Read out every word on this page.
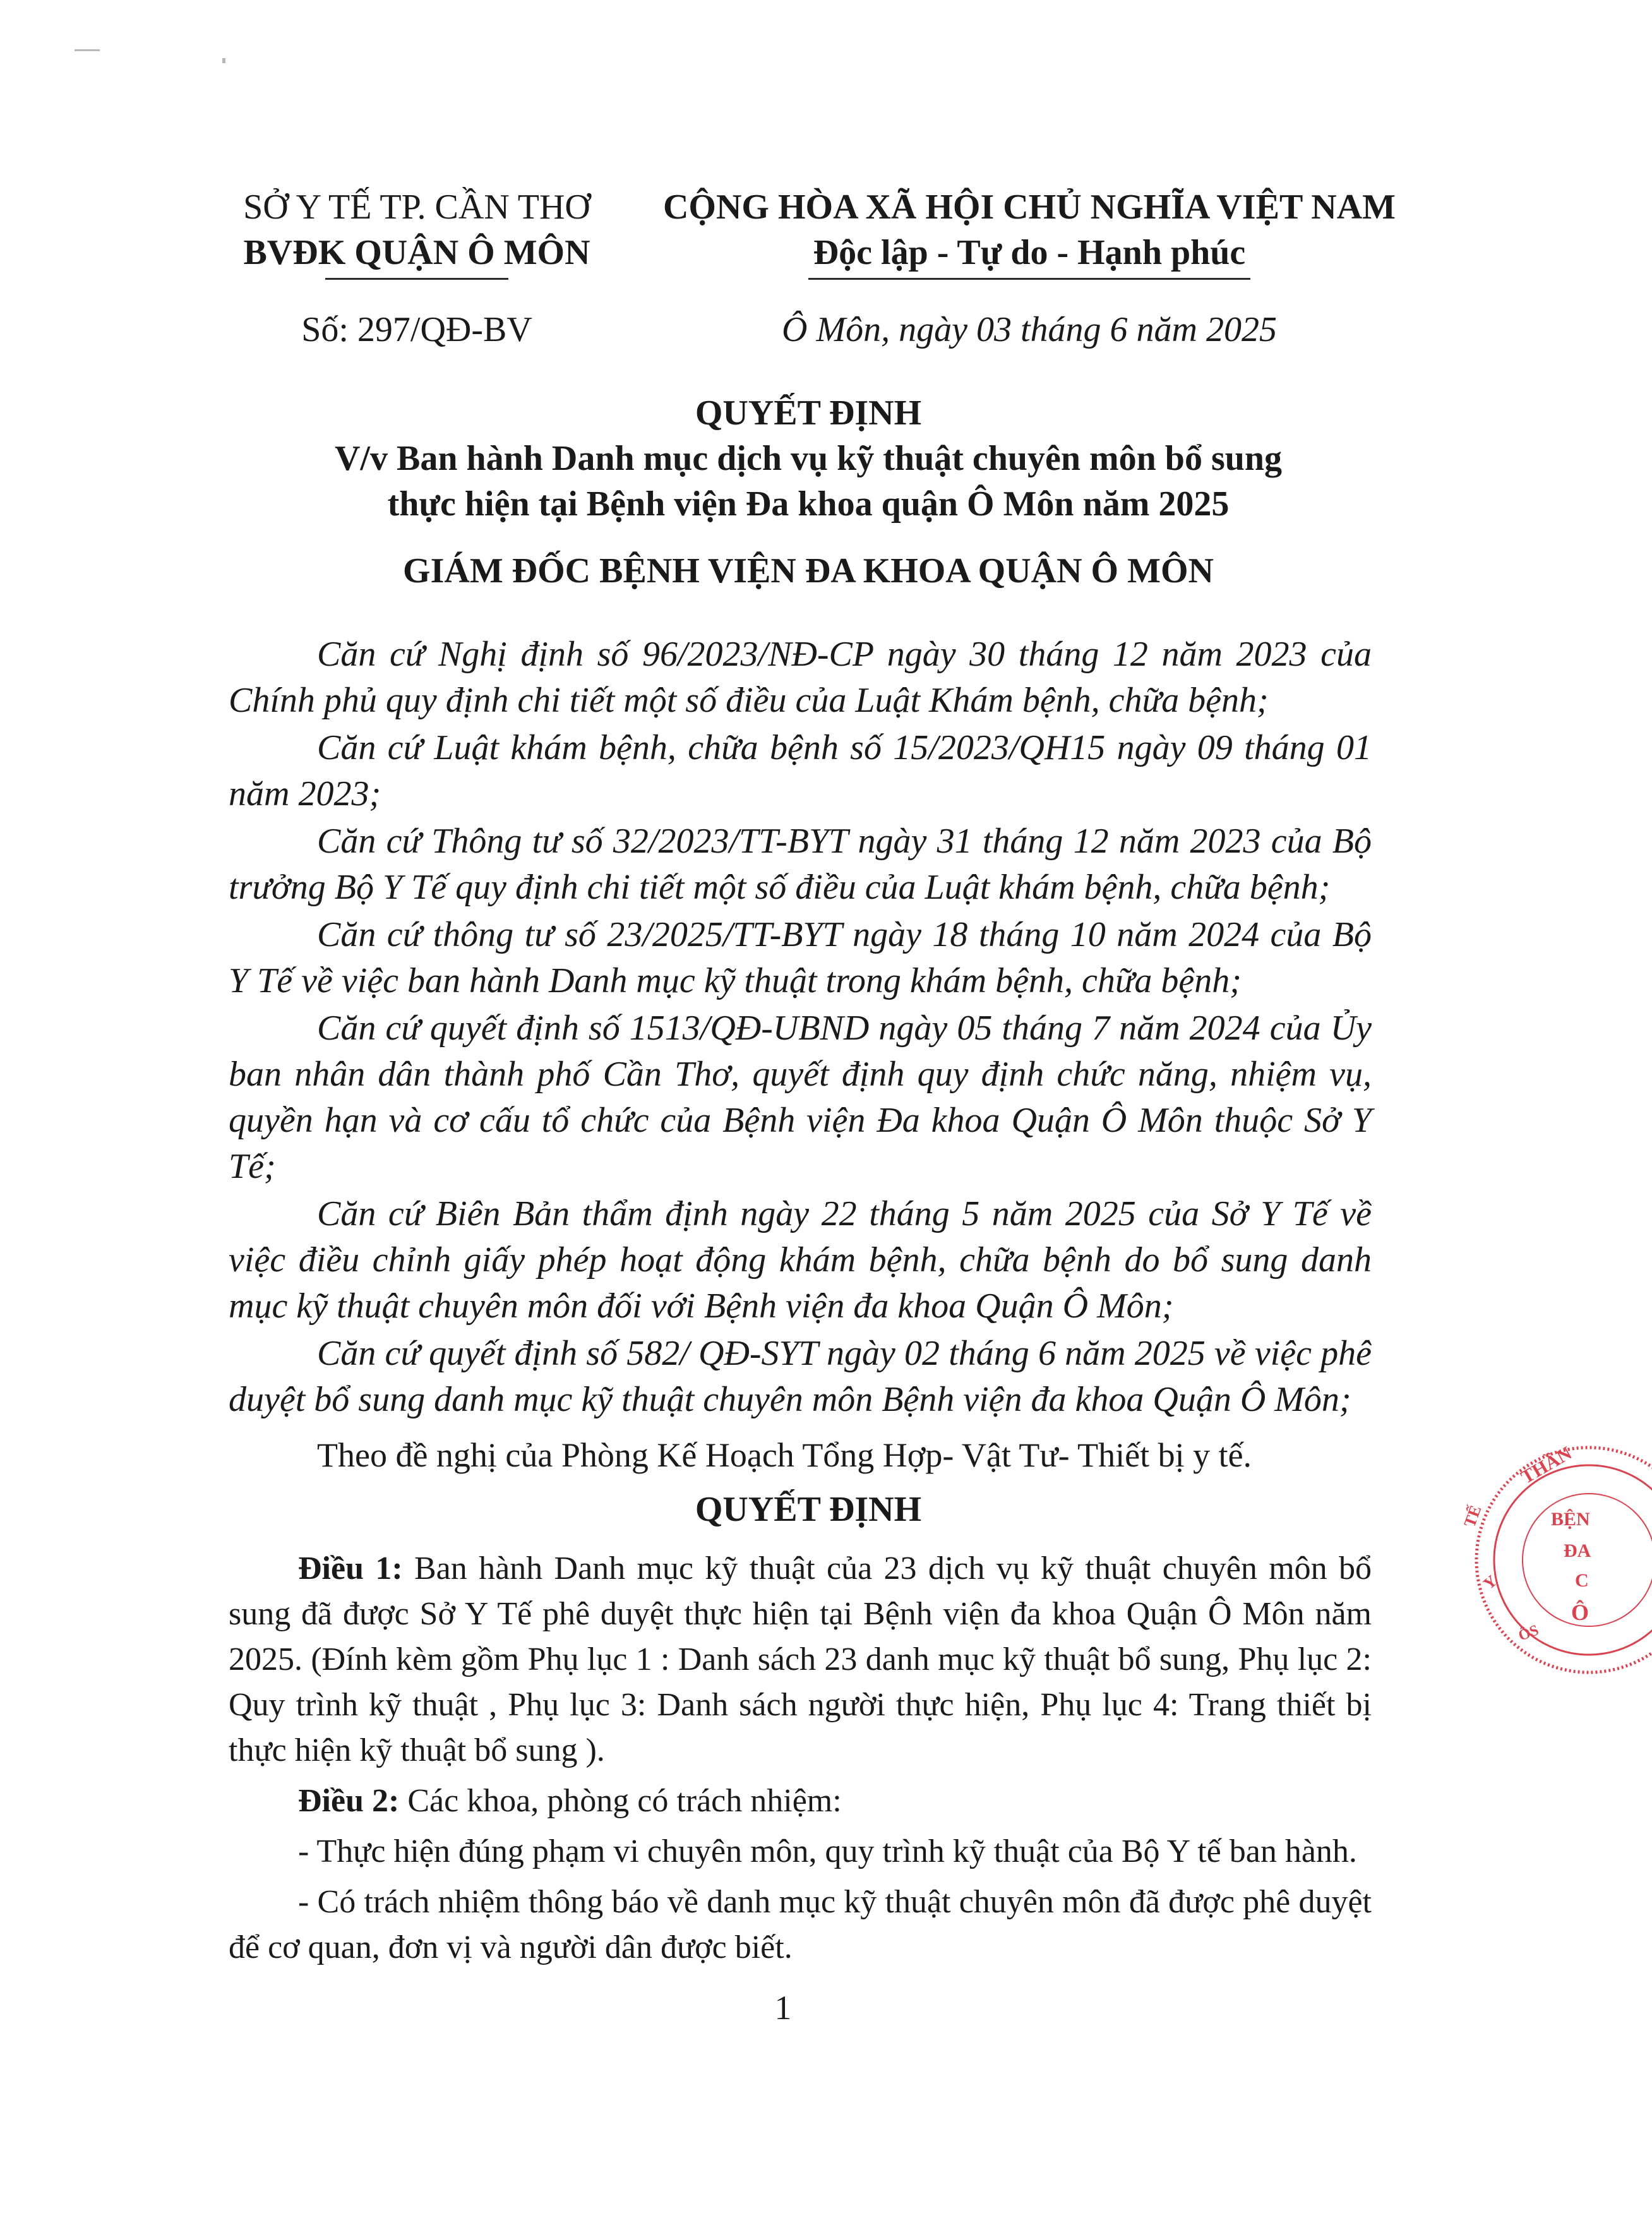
SỞ Y TẾ TP. CẦN THƠ
BVĐK QUẬN Ô MÔN
CỘNG HÒA XÃ HỘI CHỦ NGHĨA VIỆT NAM
Độc lập - Tự do - Hạnh phúc
Số: 297/QĐ-BV	Ô Môn, ngày 03 tháng 6 năm 2025
QUYẾT ĐỊNH
V/v Ban hành Danh mục dịch vụ kỹ thuật chuyên môn bổ sung
thực hiện tại Bệnh viện Đa khoa quận Ô Môn năm 2025
GIÁM ĐỐC BỆNH VIỆN ĐA KHOA QUẬN Ô MÔN

Căn cứ Nghị định số 96/2023/NĐ-CP ngày 30 tháng 12 năm 2023 của Chính phủ quy định chi tiết một số điều của Luật Khám bệnh, chữa bệnh;

Căn cứ Luật khám bệnh, chữa bệnh số 15/2023/QH15 ngày 09 tháng 01 năm 2023;

Căn cứ Thông tư số 32/2023/TT-BYT ngày 31 tháng 12 năm 2023 của Bộ trưởng Bộ Y Tế quy định chi tiết một số điều của Luật khám bệnh, chữa bệnh;

Căn cứ thông tư số 23/2025/TT-BYT ngày 18 tháng 10 năm 2024 của Bộ Y Tế về việc ban hành Danh mục kỹ thuật trong khám bệnh, chữa bệnh;

Căn cứ quyết định số 1513/QĐ-UBND ngày 05 tháng 7 năm 2024 của Ủy ban nhân dân thành phố Cần Thơ, quyết định quy định chức năng, nhiệm vụ, quyền hạn và cơ cấu tổ chức của Bệnh viện Đa khoa Quận Ô Môn thuộc Sở Y Tế;

Căn cứ Biên Bản thẩm định ngày 22 tháng 5 năm 2025 của Sở Y Tế về việc điều chỉnh giấy phép hoạt động khám bệnh, chữa bệnh do bổ sung danh mục kỹ thuật chuyên môn đối với Bệnh viện đa khoa Quận Ô Môn;

Căn cứ quyết định số 582/ QĐ-SYT ngày 02 tháng 6 năm 2025 về việc phê duyệt bổ sung danh mục kỹ thuật chuyên môn Bệnh viện đa khoa Quận Ô Môn;

Theo đề nghị của Phòng Kế Hoạch Tổng Hợp- Vật Tư- Thiết bị y tế.
QUYẾT ĐỊNH

Điều 1: Ban hành Danh mục kỹ thuật của 23 dịch vụ kỹ thuật chuyên môn bổ sung đã được Sở Y Tế phê duyệt thực hiện tại Bệnh viện đa khoa Quận Ô Môn năm 2025. (Đính kèm gồm Phụ lục 1 : Danh sách 23 danh mục kỹ thuật bổ sung, Phụ lục 2: Quy trình kỹ thuật , Phụ lục 3: Danh sách người thực hiện, Phụ lục 4: Trang thiết bị thực hiện kỹ thuật bổ sung ).

Điều 2: Các khoa, phòng có trách nhiệm:

- Thực hiện đúng phạm vi chuyên môn, quy trình kỹ thuật của Bộ Y tế ban hành.

- Có trách nhiệm thông báo về danh mục kỹ thuật chuyên môn đã được phê duyệt để cơ quan, đơn vị và người dân được biết.

1
THẦN
BỆN
ĐA
C
Ô
TẾ
Y
ÔS
